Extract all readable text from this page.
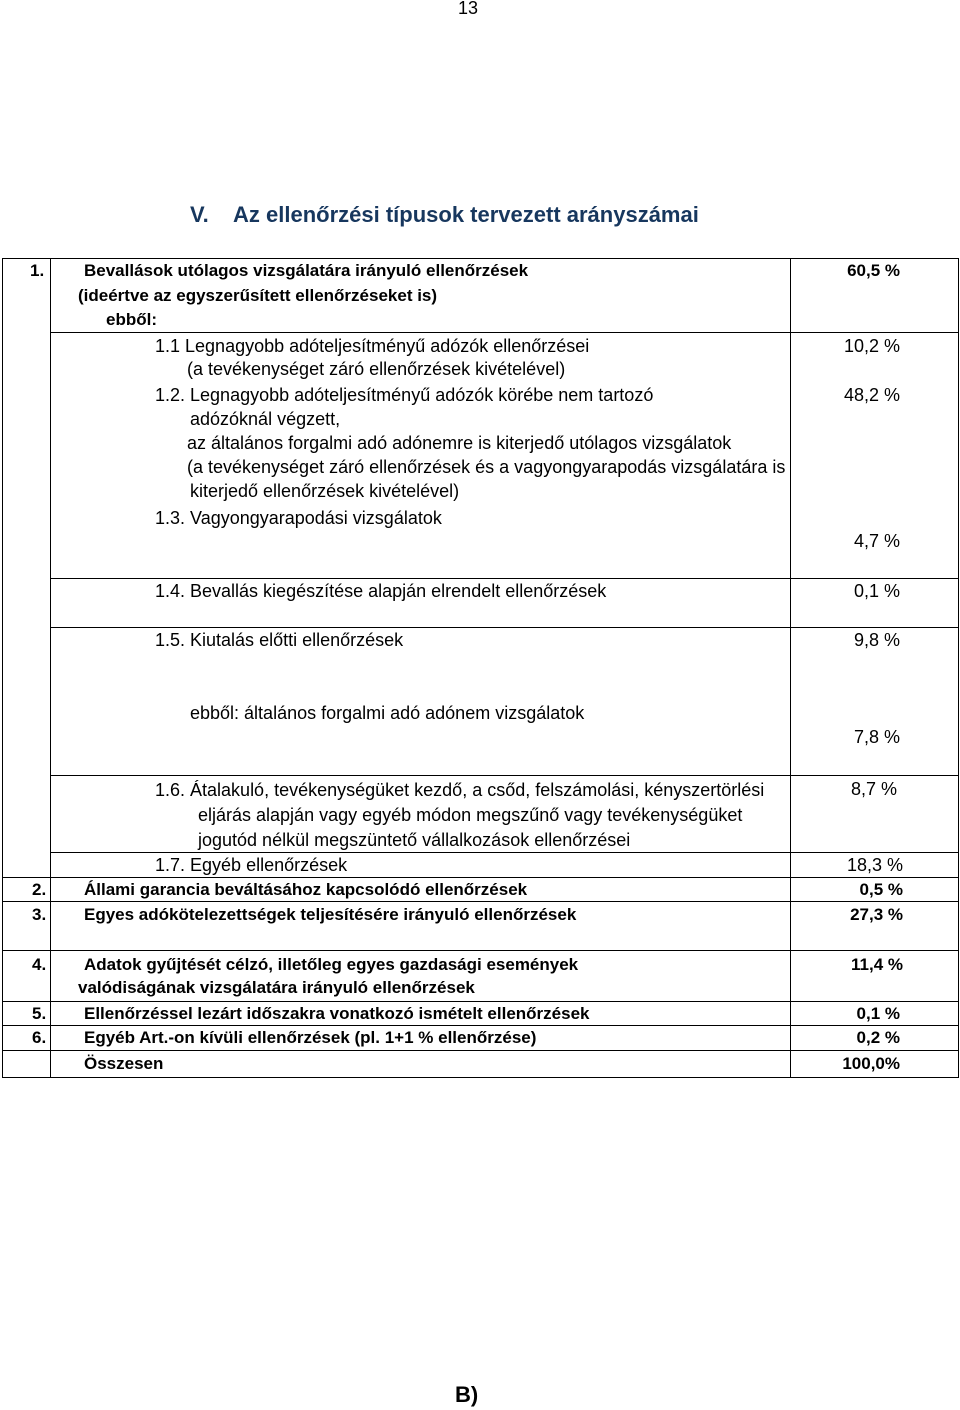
13
V. Az ellenőrzési típusok tervezett arányszámai
1. Bevallások utólagos vizsgálatára irányuló ellenőrzések
(ideértve az egyszerűsített ellenőrzéseket is)
ebből:
60,5 %
1.1 Legnagyobb adóteljesítményű adózók ellenőrzései
(a tevékenységet záró ellenőrzések kivételével)
10,2 %
1.2. Legnagyobb adóteljesítményű adózók körébe nem tartozó
adózóknál végzett,
az általános forgalmi adó adónemre is kiterjedő utólagos vizsgálatok
(a tevékenységet záró ellenőrzések és a vagyongyarapodás vizsgálatára is
kiterjedő ellenőrzések kivételével)
48,2 %
1.3. Vagyongyarapodási vizsgálatok
4,7 %
1.4. Bevallás kiegészítése alapján elrendelt ellenőrzések	0,1 %
1.5. Kiutalás előtti ellenőrzések	9,8 %
ebből: általános forgalmi adó adónem vizsgálatok
7,8 %
1.6. Átalakuló, tevékenységüket kezdő, a csőd, felszámolási, kényszertörlési
eljárás alapján vagy egyéb módon megszűnő vagy tevékenységüket
jogutód nélkül megszüntető vállalkozások ellenőrzései
8,7 %
1.7. Egyéb ellenőrzések	18,3 %
2. Állami garancia beváltásához kapcsolódó ellenőrzések	0,5 %
3. Egyes adókötelezettségek teljesítésére irányuló ellenőrzések	27,3 %
4. Adatok gyűjtését célzó, illetőleg egyes gazdasági események
valódiságának vizsgálatára irányuló ellenőrzések
11,4 %
5. Ellenőrzéssel lezárt időszakra vonatkozó ismételt ellenőrzések	0,1 %
6. Egyéb Art.-on kívüli ellenőrzések (pl. 1+1 % ellenőrzése)	0,2 %
Összesen	100,0%
B)
